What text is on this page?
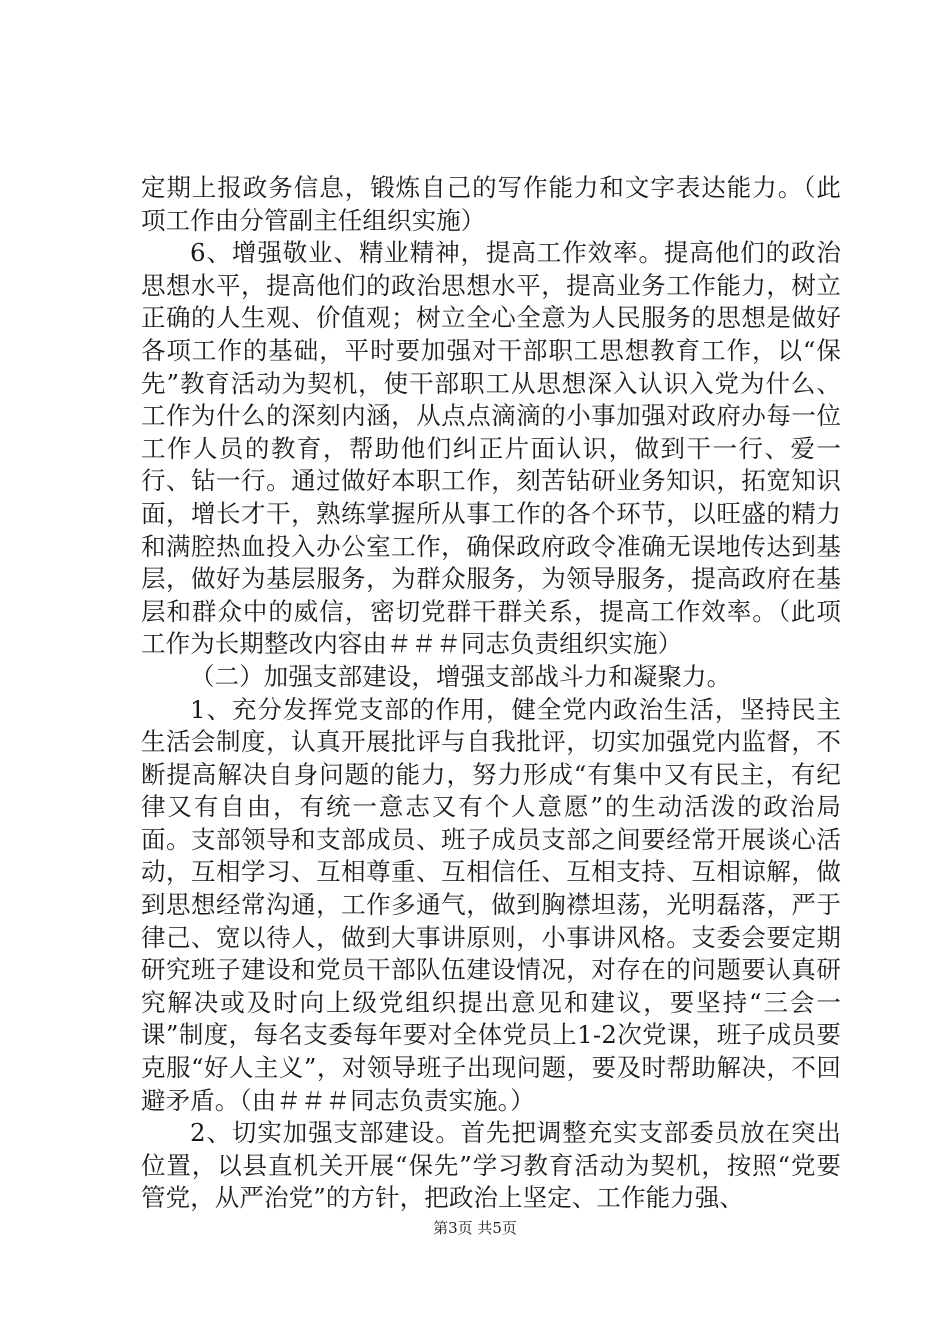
定期上报政务信息，锻炼自己的写作能力和文字表达能力。（此项工作由分管副主任组织实施）

6、增强敬业、精业精神，提高工作效率。提高他们的政治思想水平，提高他们的政治思想水平，提高业务工作能力，树立正确的人生观、价值观；树立全心全意为人民服务的思想是做好各项工作的基础，平时要加强对干部职工思想教育工作，以“保先”教育活动为契机，使干部职工从思想深入认识入党为什么、工作为什么的深刻内涵，从点点滴滴的小事加强对政府办每一位工作人员的教育，帮助他们纠正片面认识，做到干一行、爱一行、钻一行。通过做好本职工作，刻苦钻研业务知识，拓宽知识面，增长才干，熟练掌握所从事工作的各个环节，以旺盛的精力和满腔热血投入办公室工作，确保政府政令准确无误地传达到基层，做好为基层服务，为群众服务，为领导服务，提高政府在基层和群众中的威信，密切党群干群关系，提高工作效率。（此项工作为长期整改内容由＃＃＃同志负责组织实施）

（二）加强支部建设，增强支部战斗力和凝聚力。

1、充分发挥党支部的作用，健全党内政治生活，坚持民主生活会制度，认真开展批评与自我批评，切实加强党内监督，不断提高解决自身问题的能力，努力形成“有集中又有民主，有纪律又有自由，有统一意志又有个人意愿”的生动活泼的政治局面。支部领导和支部成员、班子成员支部之间要经常开展谈心活动，互相学习、互相尊重、互相信任、互相支持、互相谅解，做到思想经常沟通，工作多通气，做到胸襟坦荡，光明磊落，严于律己、宽以待人，做到大事讲原则，小事讲风格。支委会要定期研究班子建设和党员干部队伍建设情况，对存在的问题要认真研究解决或及时向上级党组织提出意见和建议，要坚持“三会一课”制度，每名支委每年要对全体党员上1-2次党课，班子成员要克服“好人主义”，对领导班子出现问题，要及时帮助解决，不回避矛盾。（由＃＃＃同志负责实施。）

2、切实加强支部建设。首先把调整充实支部委员放在突出位置，以县直机关开展“保先”学习教育活动为契机，按照“党要管党，从严治党”的方针，把政治上坚定、工作能力强、

第3页 共5页
